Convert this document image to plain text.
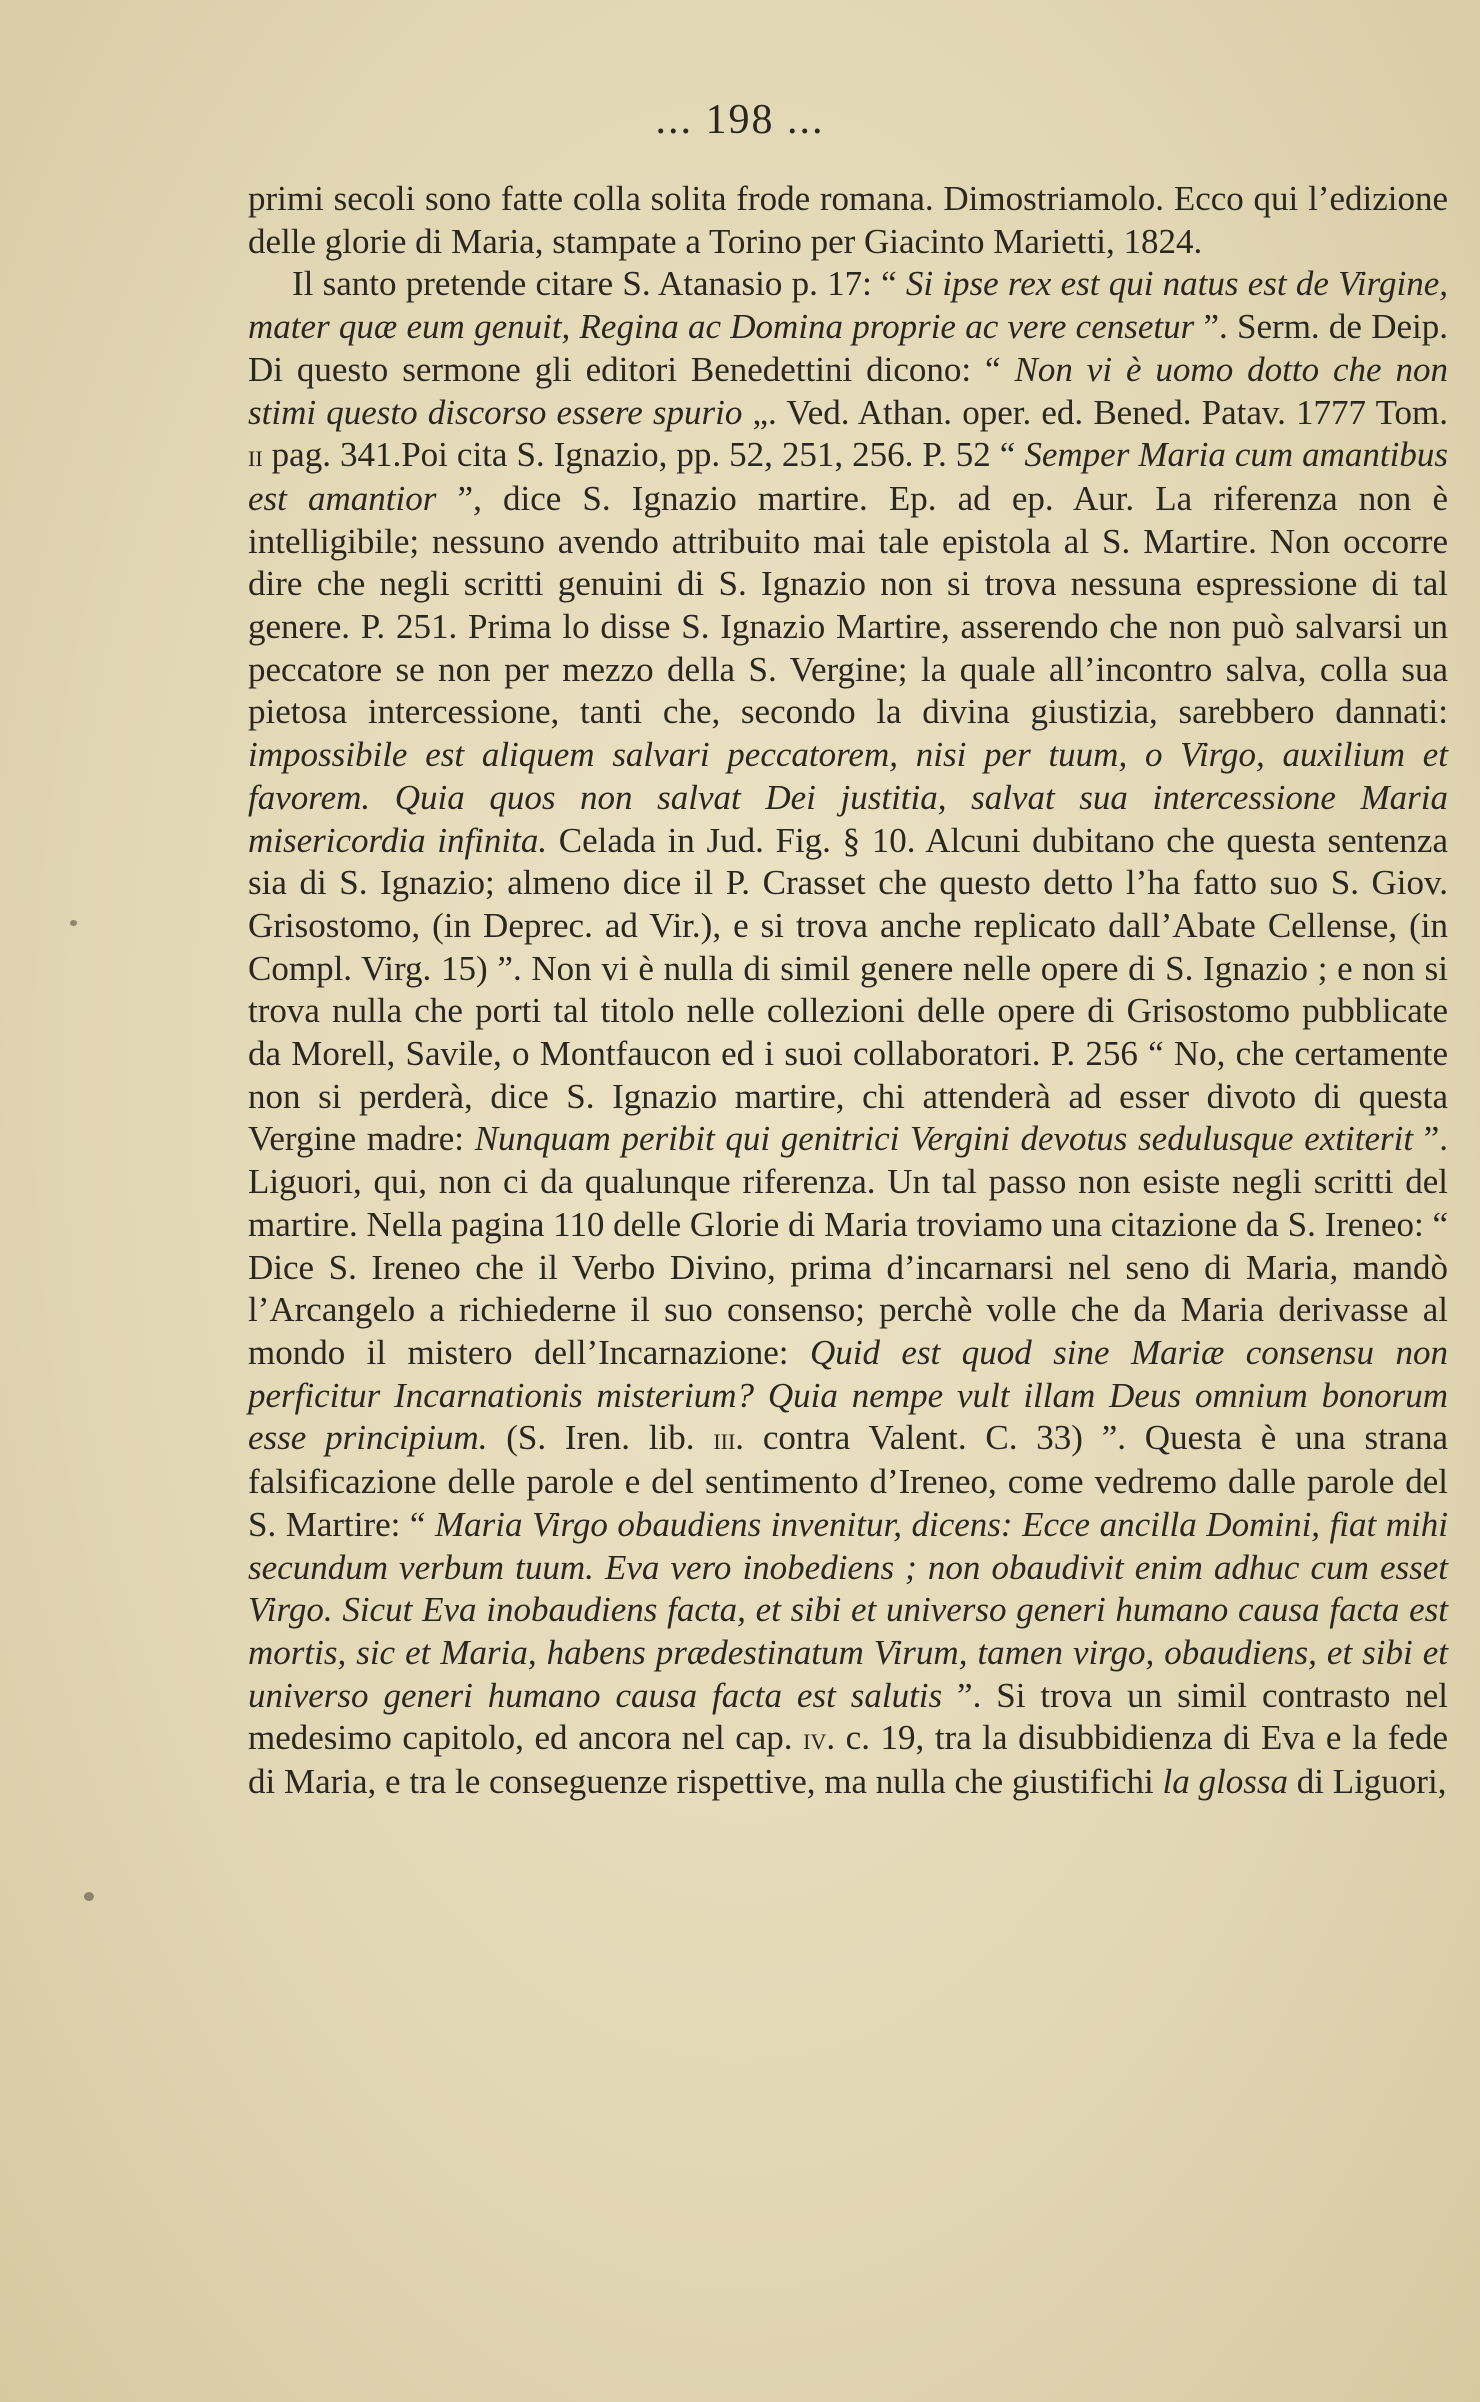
... 198 ...

primi secoli sono fatte colla solita frode romana. Dimostriamolo. Ecco qui l’edizione delle glorie di Maria, stampate a Torino per Giacinto Marietti, 1824.

Il santo pretende citare S. Atanasio p. 17: “ Si ipse rex est qui natus est de Virgine, mater quæ eum genuit, Regina ac Domina proprie ac vere censetur ”. Serm. de Deip. Di questo sermone gli editori Benedettini dicono: “ Non vi è uomo dotto che non stimi questo discorso essere spurio „. Ved. Athan. oper. ed. Bened. Patav. 1777 Tom. ii pag. 341.Poi cita S. Ignazio, pp. 52, 251, 256. P. 52 “ Semper Maria cum amantibus est amantior ”, dice S. Ignazio martire. Ep. ad ep. Aur. La riferenza non è intelligibile; nessuno avendo attribuito mai tale epistola al S. Martire. Non occorre dire che negli scritti genuini di S. Ignazio non si trova nessuna espressione di tal genere. P. 251. Prima lo disse S. Ignazio Martire, asserendo che non può salvarsi un peccatore se non per mezzo della S. Vergine; la quale all’incontro salva, colla sua pietosa intercessione, tanti che, secondo la divina giustizia, sarebbero dannati: impossibile est aliquem salvari peccatorem, nisi per tuum, o Virgo, auxilium et favorem. Quia quos non salvat Dei justitia, salvat sua intercessione Maria misericordia infinita. Celada in Jud. Fig. § 10. Alcuni dubitano che questa sentenza sia di S. Ignazio; almeno dice il P. Crasset che questo detto l’ha fatto suo S. Giov. Grisostomo, (in Deprec. ad Vir.), e si trova anche replicato dall’Abate Cellense, (in Compl. Virg. 15) ”. Non vi è nulla di simil genere nelle opere di S. Ignazio ; e non si trova nulla che porti tal titolo nelle collezioni delle opere di Grisostomo pubblicate da Morell, Savile, o Montfaucon ed i suoi collaboratori. P. 256 “ No, che certamente non si perderà, dice S. Ignazio martire, chi attenderà ad esser divoto di questa Vergine madre: Nunquam peribit qui genitrici Vergini devotus sedulusque extiterit ”. Liguori, qui, non ci da qualunque riferenza. Un tal passo non esiste negli scritti del martire. Nella pagina 110 delle Glorie di Maria troviamo una citazione da S. Ireneo: “ Dice S. Ireneo che il Verbo Divino, prima d’incarnarsi nel seno di Maria, mandò l’Arcangelo a richiederne il suo consenso; perchè volle che da Maria derivasse al mondo il mistero dell’Incarnazione: Quid est quod sine Mariæ consensu non perficitur Incarnationis misterium? Quia nempe vult illam Deus omnium bonorum esse principium. (S. Iren. lib. iii. contra Valent. C. 33) ”. Questa è una strana falsificazione delle parole e del sentimento d’Ireneo, come vedremo dalle parole del S. Martire: “ Maria Virgo obaudiens invenitur, dicens: Ecce ancilla Domini, fiat mihi secundum verbum tuum. Eva vero inobediens ; non obaudivit enim adhuc cum esset Virgo. Sicut Eva inobaudiens facta, et sibi et universo generi humano causa facta est mortis, sic et Maria, habens prædestinatum Virum, tamen virgo, obaudiens, et sibi et universo generi humano causa facta est salutis ”. Si trova un simil contrasto nel medesimo capitolo, ed ancora nel cap. iv. c. 19, tra la disubbidienza di Eva e la fede di Maria, e tra le conseguenze rispettive, ma nulla che giustifichi la glossa di Liguori,
